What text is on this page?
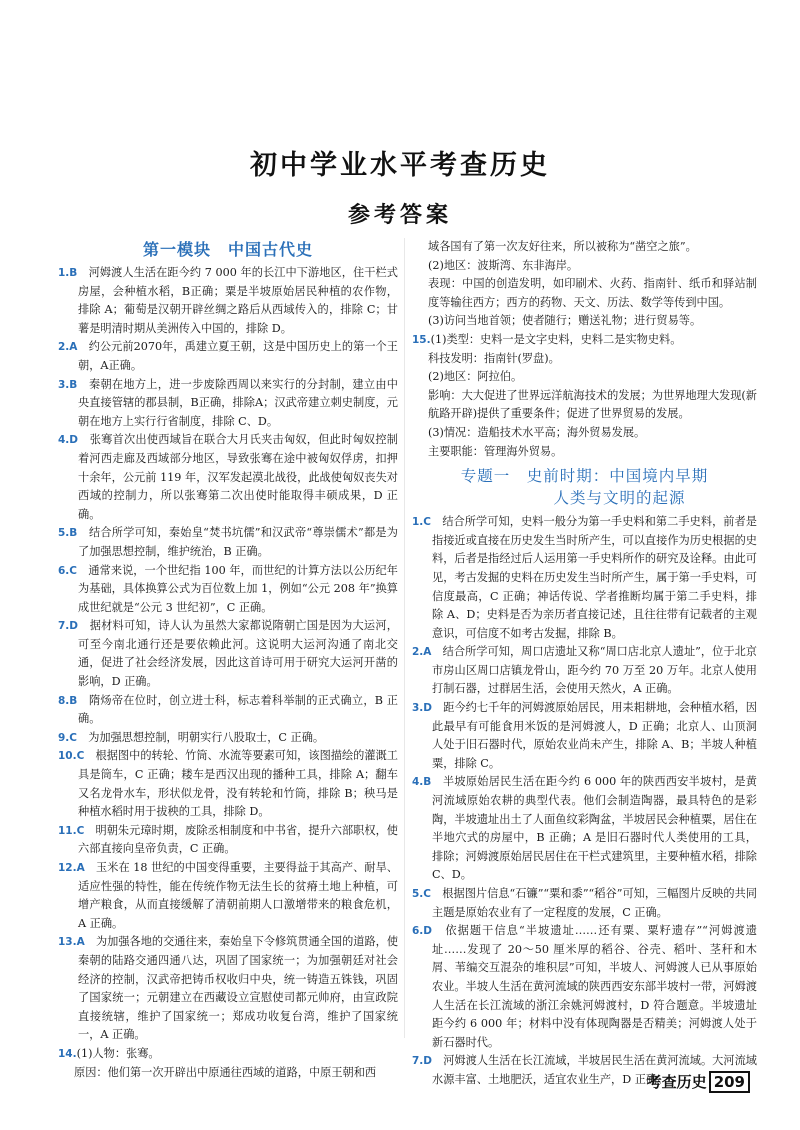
初中学业水平考查历史
参考答案
第一模块　中国古代史

1.B　 河姆渡人生活在距今约 7 000 年的长江中下游地区，住干栏式房屋，会种植水稻，B正确；粟是半坡原始居民种植的农作物，排除 A；葡萄是汉朝开辟丝绸之路后从西域传入的，排除 C；甘薯是明清时期从美洲传入中国的，排除 D。

2.A　 约公元前2070年，禹建立夏王朝，这是中国历史上的第一个王朝，A正确。

3.B　 秦朝在地方上，进一步废除西周以来实行的分封制，建立由中央直接管辖的郡县制，B正确，排除A；汉武帝建立刺史制度，元朝在地方上实行行省制度，排除 C、D。

4.D　 张骞首次出使西域旨在联合大月氏夹击匈奴，但此时匈奴控制着河西走廊及西域部分地区，导致张骞在途中被匈奴俘虏，扣押十余年，公元前 119 年，汉军发起漠北战役，此战使匈奴丧失对西域的控制力，所以张骞第二次出使时能取得丰硕成果，D 正确。

5.B　 结合所学可知，秦始皇“焚书坑儒”和汉武帝“尊崇儒术”都是为了加强思想控制，维护统治，B 正确。

6.C　 通常来说，一个世纪指 100 年，而世纪的计算方法以公历纪年为基础，具体换算公式为百位数上加 1，例如“公元 208 年”换算成世纪就是“公元 3 世纪初”，C 正确。

7.D　 据材料可知，诗人认为虽然大家都说隋朝亡国是因为大运河，可至今南北通行还是要依赖此河。这说明大运河沟通了南北交通，促进了社会经济发展，因此这首诗可用于研究大运河开凿的影响，D 正确。

8.B　 隋炀帝在位时，创立进士科，标志着科举制的正式确立，B 正确。

9.C　 为加强思想控制，明朝实行八股取士，C 正确。

10.C　 根据图中的转轮、竹筒、水流等要素可知，该图描绘的灌溉工具是筒车，C 正确；耧车是西汉出现的播种工具，排除 A；翻车又名龙骨水车，形状似龙骨，没有转轮和竹筒，排除 B；秧马是种植水稻时用于拔秧的工具，排除 D。

11.C　 明朝朱元璋时期，废除丞相制度和中书省，提升六部职权，使六部直接向皇帝负责，C 正确。

12.A　 玉米在 18 世纪的中国变得重要，主要得益于其高产、耐旱、适应性强的特性，能在传统作物无法生长的贫瘠土地上种植，可增产粮食，从而直接缓解了清朝前期人口激增带来的粮食危机，A 正确。

13.A　 为加强各地的交通往来，秦始皇下令修筑贯通全国的道路，使秦朝的陆路交通四通八达，巩固了国家统一；为加强朝廷对社会经济的控制，汉武帝把铸币权收归中央，统一铸造五铢钱，巩固了国家统一；元朝建立在西藏设立宣慰使司都元帅府，由宣政院直接统辖，维护了国家统一；郑成功收复台湾，维护了国家统一，A 正确。

14.(1)人物：张骞。

原因：他们第一次开辟出中原通往西域的道路，中原王朝和西

域各国有了第一次友好往来，所以被称为“凿空之旅”。

(2)地区：波斯湾、东非海岸。

表现：中国的创造发明，如印刷术、火药、指南针、纸币和驿站制度等输往西方；西方的药物、天文、历法、数学等传到中国。

(3)访问当地首领；使者随行；赠送礼物；进行贸易等。

15.(1)类型：史料一是文字史料，史料二是实物史料。

科技发明：指南针(罗盘)。

(2)地区：阿拉伯。

影响：大大促进了世界远洋航海技术的发展；为世界地理大发现(新航路开辟)提供了重要条件；促进了世界贸易的发展。

(3)情况：造船技术水平高；海外贸易发展。

主要职能：管理海外贸易。

专题一　史前时期：中国境内早期
人类与文明的起源

1.C　 结合所学可知，史料一般分为第一手史料和第二手史料，前者是指接近或直接在历史发生当时所产生，可以直接作为历史根据的史料，后者是指经过后人运用第一手史料所作的研究及诠释。由此可见，考古发掘的史料在历史发生当时所产生，属于第一手史料，可信度最高，C 正确；神话传说、学者推断均属于第二手史料，排除 A、D；史料是否为亲历者直接记述，且往往带有记载者的主观意识，可信度不如考古发掘，排除 B。

2.A　 结合所学可知，周口店遗址又称“周口店北京人遗址”，位于北京市房山区周口店镇龙骨山，距今约 70 万至 20 万年。北京人使用打制石器，过群居生活，会使用天然火，A 正确。

3.D　 距今约七千年的河姆渡原始居民，用耒耜耕地，会种植水稻，因此最早有可能食用米饭的是河姆渡人，D 正确；北京人、山顶洞人处于旧石器时代，原始农业尚未产生，排除 A、B；半坡人种植粟，排除 C。

4.B　 半坡原始居民生活在距今约 6 000 年的陕西西安半坡村，是黄河流域原始农耕的典型代表。他们会制造陶器，最具特色的是彩陶，半坡遗址出土了人面鱼纹彩陶盆，半坡居民会种植粟，居住在半地穴式的房屋中，B 正确；A 是旧石器时代人类使用的工具，排除；河姆渡原始居民居住在干栏式建筑里，主要种植水稻，排除 C、D。

5.C　 根据图片信息“石镰”“粟和黍”“稻谷”可知，三幅图片反映的共同主题是原始农业有了一定程度的发展，C 正确。

6.D　 依据题干信息“半坡遗址……还有粟、粟籽遗存”“河姆渡遗址……发现了 20～50 厘米厚的稻谷、谷壳、稻叶、茎秆和木屑、苇编交互混杂的堆积层”可知，半坡人、河姆渡人已从事原始农业。半坡人生活在黄河流域的陕西西安东部半坡村一带，河姆渡人生活在长江流域的浙江余姚河姆渡村，D 符合题意。半坡遗址距今约 6 000 年；材料中没有体现陶器是否精美；河姆渡人处于新石器时代。

7.D　 河姆渡人生活在长江流域，半坡居民生活在黄河流域。大河流域水源丰富、土地肥沃，适宜农业生产，D 正确。

考查历史 209
